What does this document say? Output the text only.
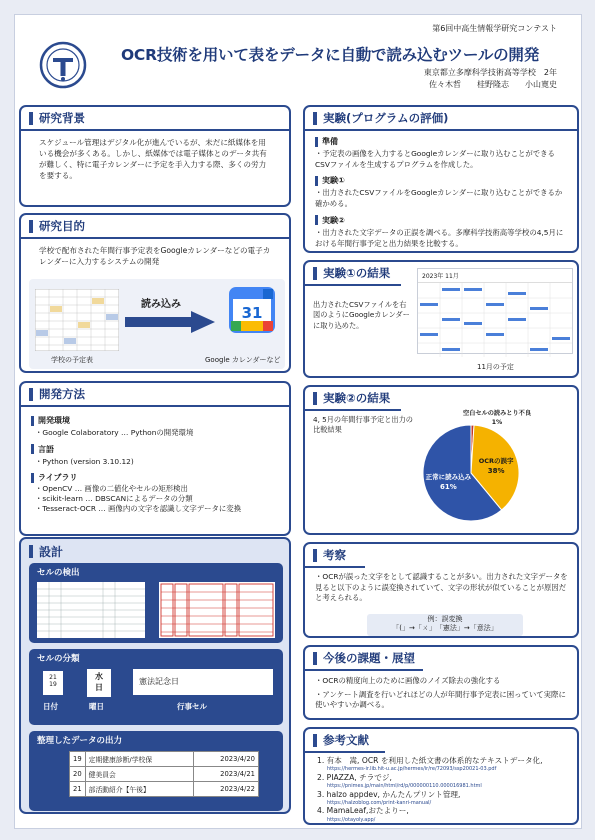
第6回中高生情報学研究コンテスト
OCR技術を用いて表をデータに自動で読み込むツールの開発
東京都立多摩科学技術高等学校　2年
佐々木哲　　桂野隆志　　小山寛史
研究背景
スケジュール管理はデジタル化が進んでいるが、未だに紙媒体を用いる機会が多くある。しかし、紙媒体では電子媒体とのデータ共有が難しく、特に電子カレンダーに予定を手入力する際、多くの労力を要する。
研究目的
学校で配布された年間行事予定表をGoogleカレンダーなどの電子カレンダーに入力するシステムの開発
読み込み	31
学校の予定表	Google カレンダーなど
開発方法
開発環境
・Google Colaboratory … Pythonの開発環境
言語
・Python (version 3.10.12)
ライブラリ
・OpenCV … 画像の二値化やセルの矩形検出
・scikit-learn … DBSCANによるデータの分類
・Tesseract-OCR … 画像内の文字を認識し文字データに変換
設計
セルの検出
セルの分類
21
19
日付
水
日
曜日
憲法記念日
行事セル
整理したデータの出力
19	定期健康診断/学校保	2023/4/20
20	健美員会	2023/4/21
21	部活動紹介【午後】	2023/4/22
実験(プログラムの評価)
準備
・予定表の画像を入力するとGoogleカレンダーに取り込むことができるCSVファイルを生成するプログラムを作成した。
実験①
・出力されたCSVファイルをGoogleカレンダーに取り込むことができるか確かめる。
実験②
・出力された文字データの正誤を調べる。多摩科学技術高等学校の4,5月における年間行事予定と出力結果を比較する。
実験①の結果
出力されたCSVファイルを右図のようにGoogleカレンダーに取り込めた。
2023年 11月
11月の予定
実験②の結果
4, 5月の年間行事予定と出力の比較結果
空白セルの読みとり不良
1%
OCRの誤字
38%
正常に読み込み
61%
考察
・OCRが誤った文字をとして認識することが多い。出力された文字データを見ると以下のように誤変換されていて、文字の形状が似ていることが原因だと考えられる。
例：誤変換
「(」→「ㄨ」　「憲法」→「意法」
今後の課題・展望
・OCRの精度向上のために画像のノイズ除去の強化する
・アンケート調査を行いどれほどの人が年間行事予定表に困っていて実際に使いやすいか調べる。
参考文献
1. 有本　嵩, OCR を利用した紙文書の体系的なテキストデータ化,
https://hermes-ir.lib.hit-u.ac.jp/hermes/ir/re/72093/ssp20021-03.pdf
2. PIAZZA, チラでジ,
https://pnimes.jp/main/html/rd/p/000000110.000016981.html
3. halzo appdev, かんたんプリント管理,
https://halzoblog.com/print-kanri-manual/
4. MamaLeaf,おたよりー,
https://otayoly.app/
